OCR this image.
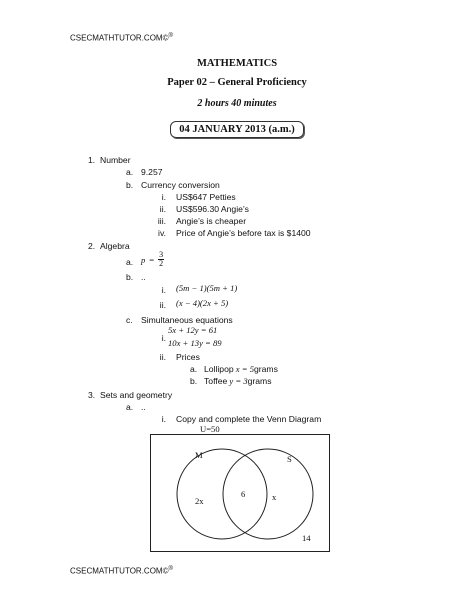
CSECMATHTUTOR.COM©®
MATHEMATICS
Paper 02 – General Proficiency
2 hours 40 minutes
04 JANUARY 2013 (a.m.)
1. Number
a. 9.257
b. Currency conversion
i. US$647 Petties
ii. US$596.30 Angie’s
iii. Angie’s is cheaper
iv. Price of Angie’s before tax is $1400
2. Algebra
a. $p = \frac{3}{2}$
b. ..
i. (5m − 1)(5m + 1)
ii. (x − 4)(2x + 5)
c. Simultaneous equations
i.
5x + 12y = 61
10x + 13y = 89
ii. Prices
a. Lollipop x = 5grams
b. Toffee y = 3grams
3. Sets and geometry
a. ..
i. Copy and complete the Venn Diagram
U=50
M	S
2x
6	x
14
CSECMATHTUTOR.COM©®
